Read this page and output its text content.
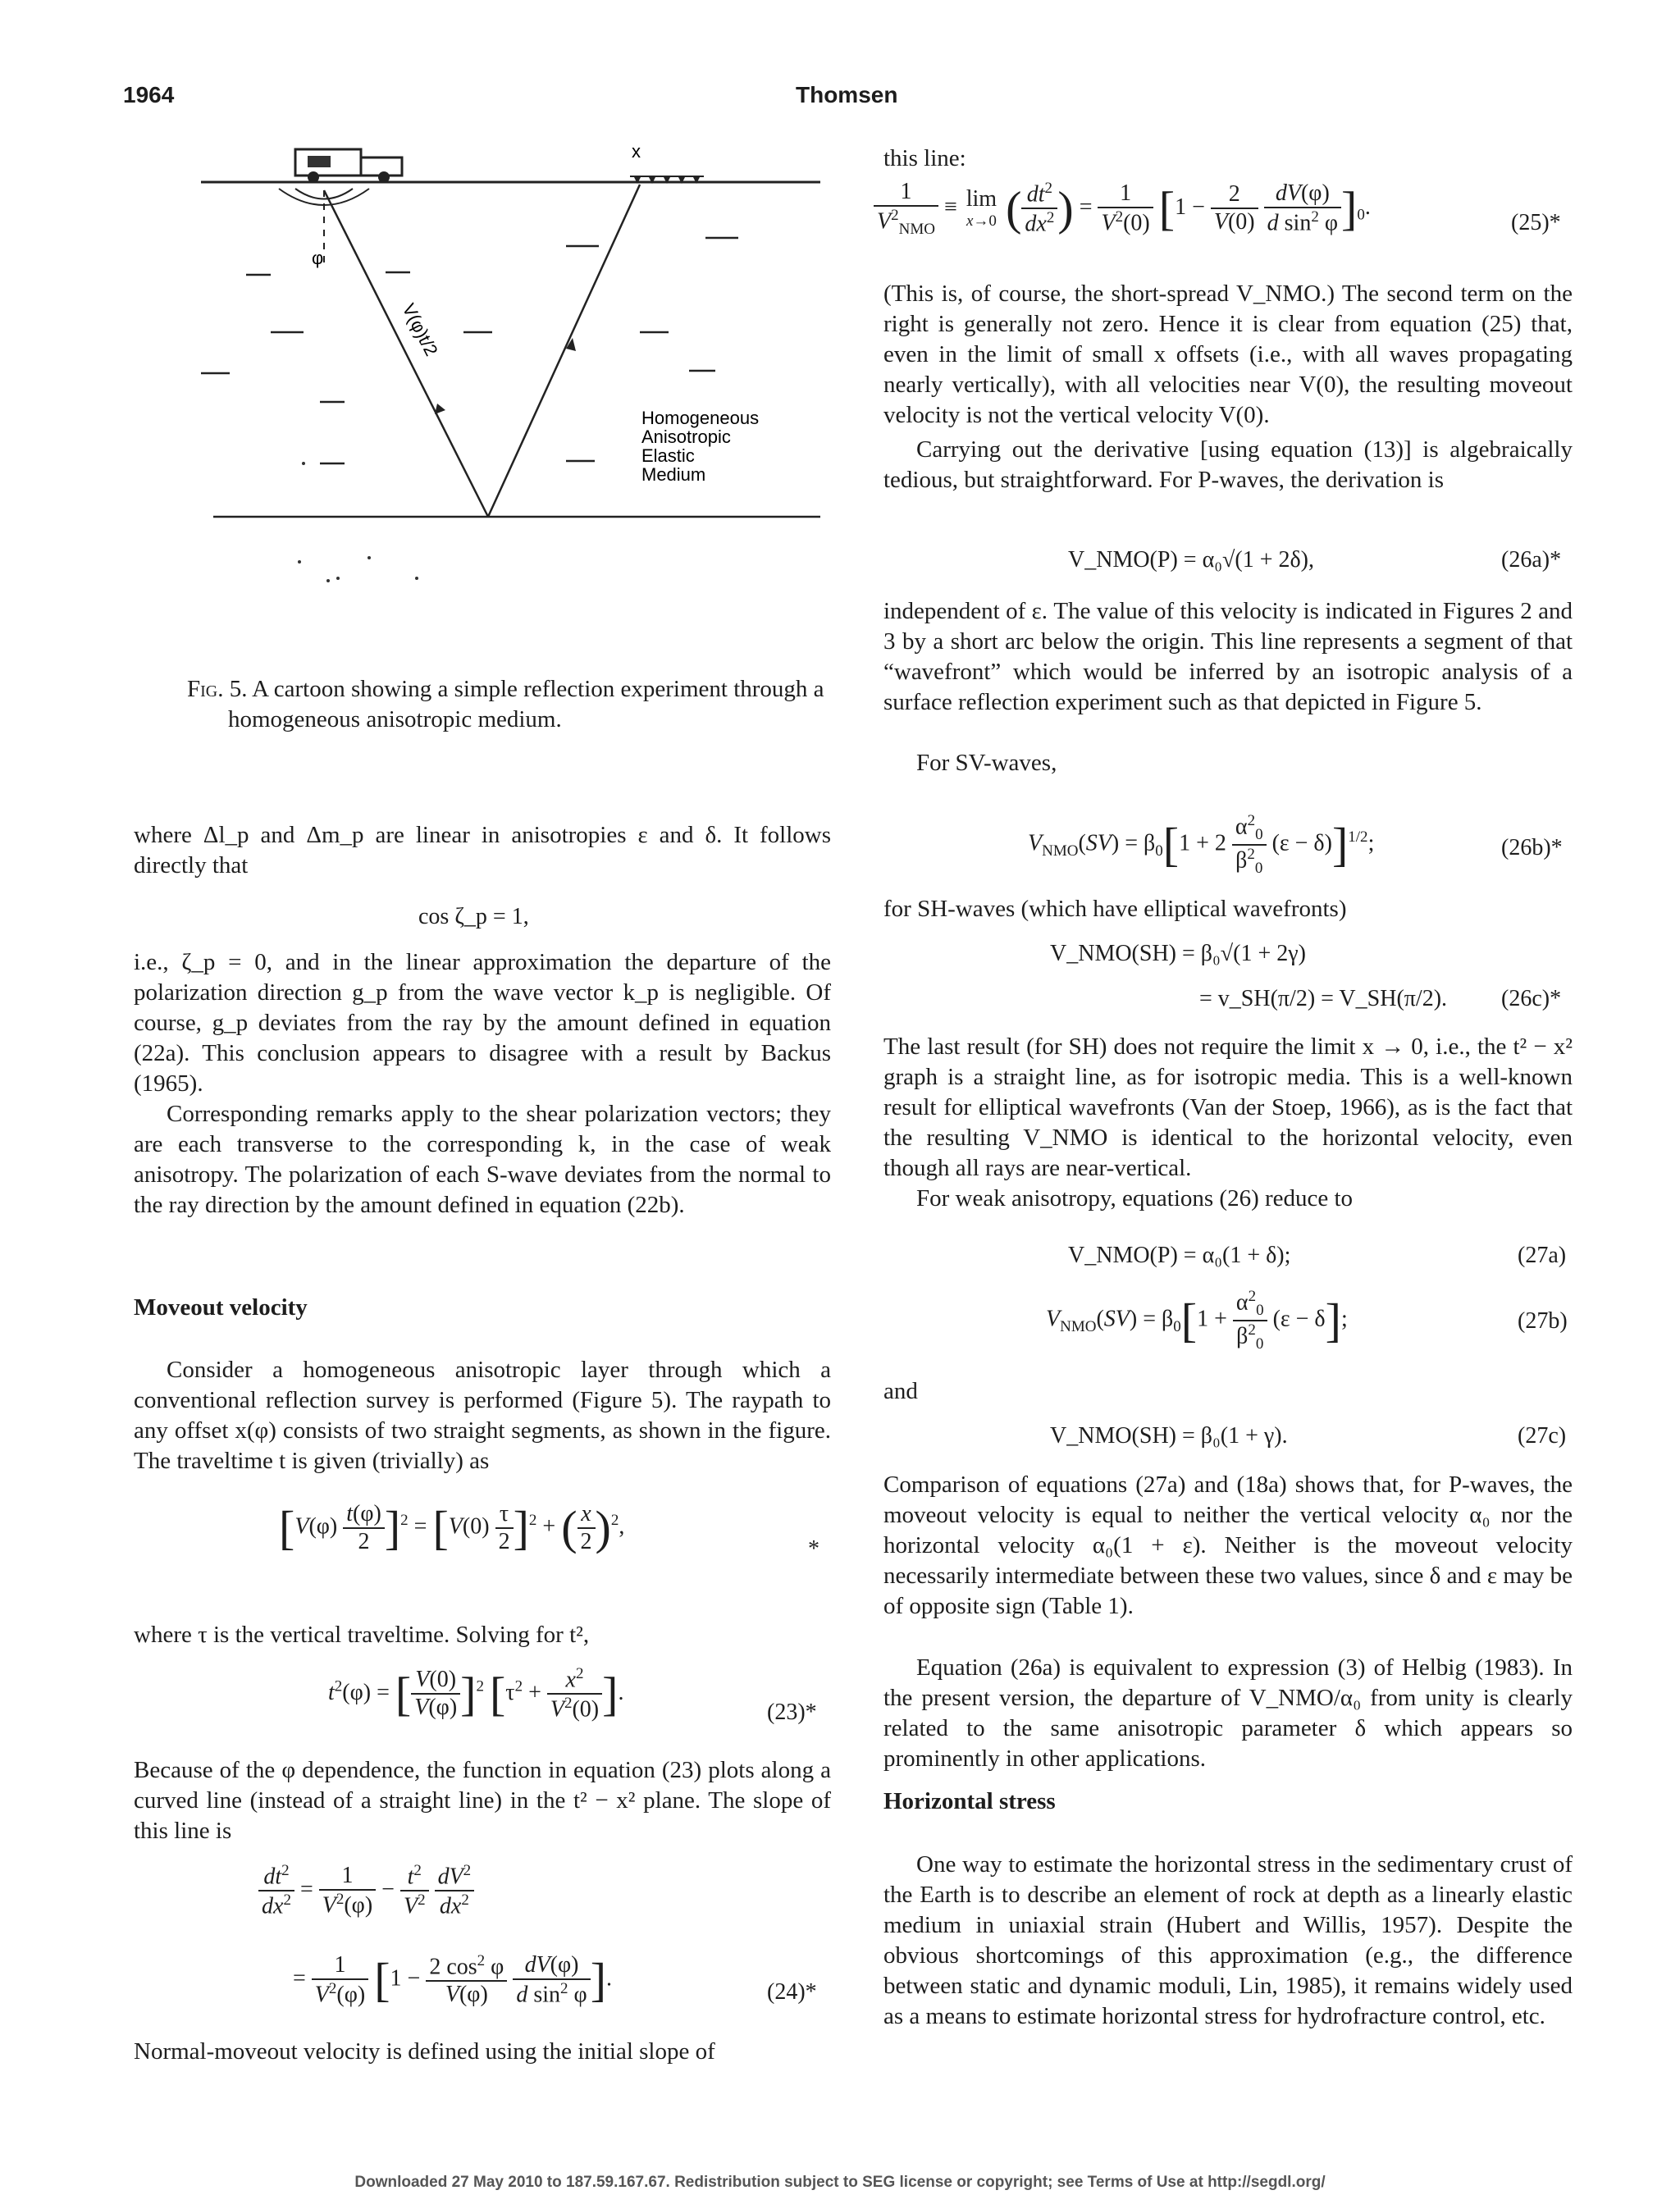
1964	Thomsen
x
φ
V(φ)t/2
Homogeneous
Anisotropic
Elastic
Medium
Fig. 5. A cartoon showing a simple reflection experiment through a homogeneous anisotropic medium.
where Δl_p and Δm_p are linear in anisotropies ε and δ. It follows directly that
cos ζ_p = 1,
i.e., ζ_p = 0, and in the linear approximation the departure of the polarization direction g_p from the wave vector k_p is negligible. Of course, g_p deviates from the ray by the amount defined in equation (22a). This conclusion appears to disagree with a result by Backus (1965).
Corresponding remarks apply to the shear polarization vectors; they are each transverse to the corresponding k, in the case of weak anisotropy. The polarization of each S-wave deviates from the normal to the ray direction by the amount defined in equation (22b).
Moveout velocity
Consider a homogeneous anisotropic layer through which a conventional reflection survey is performed (Figure 5). The raypath to any offset x(φ) consists of two straight segments, as shown in the figure. The traveltime t is given (trivially) as
$[V(\varphi) \frac{t(\varphi)}{2} ]^2 = [V(0) \frac{\tau}{2} ]^2$ + ( $\frac{x}{2} )^2$,
*
where τ is the vertical traveltime. Solving for t²,
$t^2(\varphi)$ = [ $\frac{V(0)}{V(\varphi)} ]^2$ [$\tau^2 + \frac{x^2}{V^2(0)}$ ].
(23)*
Because of the φ dependence, the function in equation (23) plots along a curved line (instead of a straight line) in the t² − x² plane. The slope of this line is
$\frac{dt^2}{dx^2} = \frac{1}{V^2(\varphi)} - \frac{t^2}{V^2}$
$\frac{dV^2}{dx^2}$
= $\frac{1}{V^2(\varphi)} [1 - \frac{2 \cos^2 \varphi}{V(\varphi)}$
$\frac{dV(\varphi)}{d \sin^2 \varphi}$ ].
(24)*
Normal-moveout velocity is defined using the initial slope of
this line:
$\frac{1}{V^2_{NMO}} \equiv \lim$
x→0 ( $\frac{dt^2}{dx^2}$ ) = $\frac{1}{V^2(0)} [1 - \frac{2}{V(0)}$
$\frac{dV(\varphi)}{d \sin^2 \varphi} ]_0$.
(25)*
(This is, of course, the short-spread V_NMO.) The second term on the right is generally not zero. Hence it is clear from equation (25) that, even in the limit of small x offsets (i.e., with all waves propagating nearly vertically), with all velocities near V(0), the resulting moveout velocity is not the vertical velocity V(0).
Carrying out the derivative [using equation (13)] is algebraically tedious, but straightforward. For P-waves, the derivation is
V_NMO(P) = α₀√(1 + 2δ),	(26a)*
independent of ε. The value of this velocity is indicated in Figures 2 and 3 by a short arc below the origin. This line represents a segment of that “wavefront” which would be inferred by an isotropic analysis of a surface reflection experiment such as that depicted in Figure 5.
For SV-waves,
$V_{NMO}(SV) = \beta_0[1 + 2 \frac{\alpha^2_0}{\beta^2_0} (\varepsilon - \delta)]^{1/2}$;	(26b)*
for SH-waves (which have elliptical wavefronts)
V_NMO(SH) = β₀√(1 + 2γ)
= v_SH(π/2) = V_SH(π/2). (26c)*
The last result (for SH) does not require the limit x → 0, i.e., the t² − x² graph is a straight line, as for isotropic media. This is a well-known result for elliptical wavefronts (Van der Stoep, 1966), as is the fact that the resulting V_NMO is identical to the horizontal velocity, even though all rays are near-vertical.
For weak anisotropy, equations (26) reduce to
V_NMO(P) = α₀(1 + δ);	(27a)
$V_{NMO}(SV) = \beta_0[1 + \frac{\alpha^2_0}{\beta^2_0} (\varepsilon - \delta]$;	(27b)
and
V_NMO(SH) = β₀(1 + γ).	(27c)
Comparison of equations (27a) and (18a) shows that, for P-waves, the moveout velocity is equal to neither the vertical velocity α₀ nor the horizontal velocity α₀(1 + ε). Neither is the moveout velocity necessarily intermediate between these two values, since δ and ε may be of opposite sign (Table 1).
Equation (26a) is equivalent to expression (3) of Helbig (1983). In the present version, the departure of V_NMO/α₀ from unity is clearly related to the same anisotropic parameter δ which appears so prominently in other applications.
Horizontal stress
One way to estimate the horizontal stress in the sedimentary crust of the Earth is to describe an element of rock at depth as a linearly elastic medium in uniaxial strain (Hubert and Willis, 1957). Despite the obvious shortcomings of this approximation (e.g., the difference between static and dynamic moduli, Lin, 1985), it remains widely used as a means to estimate horizontal stress for hydrofracture control, etc.
Downloaded 27 May 2010 to 187.59.167.67. Redistribution subject to SEG license or copyright; see Terms of Use at http://segdl.org/
